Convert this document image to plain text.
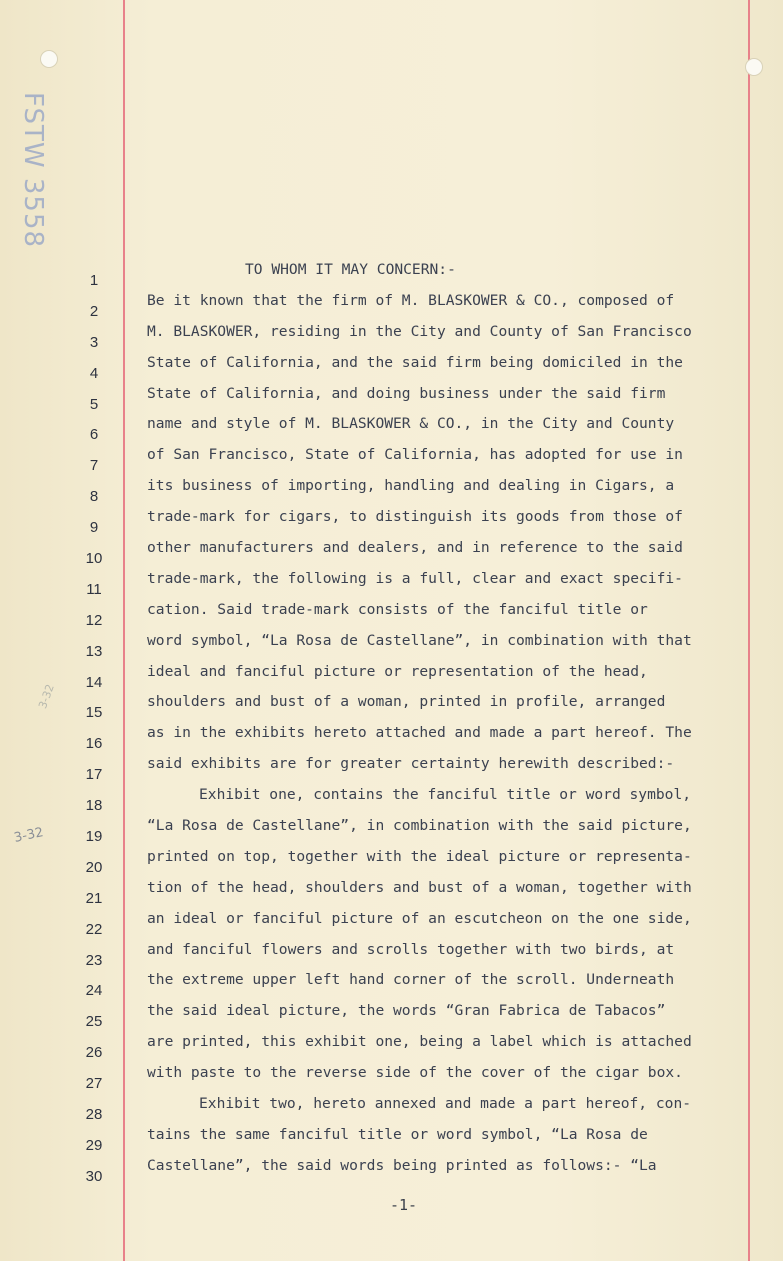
FSTW 3558
3-32
3-32
1
2
3
4
5
6
7
8
9
10
11
12
13
14
15
16
17
18
19
20
21
22
23
24
25
26
27
28
29
30
TO WHOM IT MAY CONCERN:-
Be it known that the firm of M. BLASKOWER & CO., composed of
M. BLASKOWER, residing in the City and County of San Francisco
State of California, and the said firm being domiciled in the
State of California, and doing business under the said firm
name and style of M. BLASKOWER & CO., in the City and County
of San Francisco, State of California, has adopted for use in
its business of importing, handling and dealing in Cigars, a
trade-mark for cigars, to distinguish its goods from those of
other manufacturers and dealers, and in reference to the said
trade-mark, the following is a full, clear and exact specifi-
cation. Said trade-mark consists of the fanciful title or
word symbol, “La Rosa de Castellane”, in combination with that
ideal and fanciful picture or representation of the head,
shoulders and bust of a woman, printed in profile, arranged
as in the exhibits hereto attached and made a part hereof. The
said exhibits are for greater certainty herewith described:-
Exhibit one, contains the fanciful title or word symbol,
“La Rosa de Castellane”, in combination with the said picture,
printed on top, together with the ideal picture or representa-
tion of the head, shoulders and bust of a woman, together with
an ideal or fanciful picture of an escutcheon on the one side,
and fanciful flowers and scrolls together with two birds, at
the extreme upper left hand corner of the scroll. Underneath
the said ideal picture, the words “Gran Fabrica de Tabacos”
are printed, this exhibit one, being a label which is attached
with paste to the reverse side of the cover of the cigar box.
Exhibit two, hereto annexed and made a part hereof, con-
tains the same fanciful title or word symbol, “La Rosa de
Castellane”, the said words being printed as follows:- “La
-1-
